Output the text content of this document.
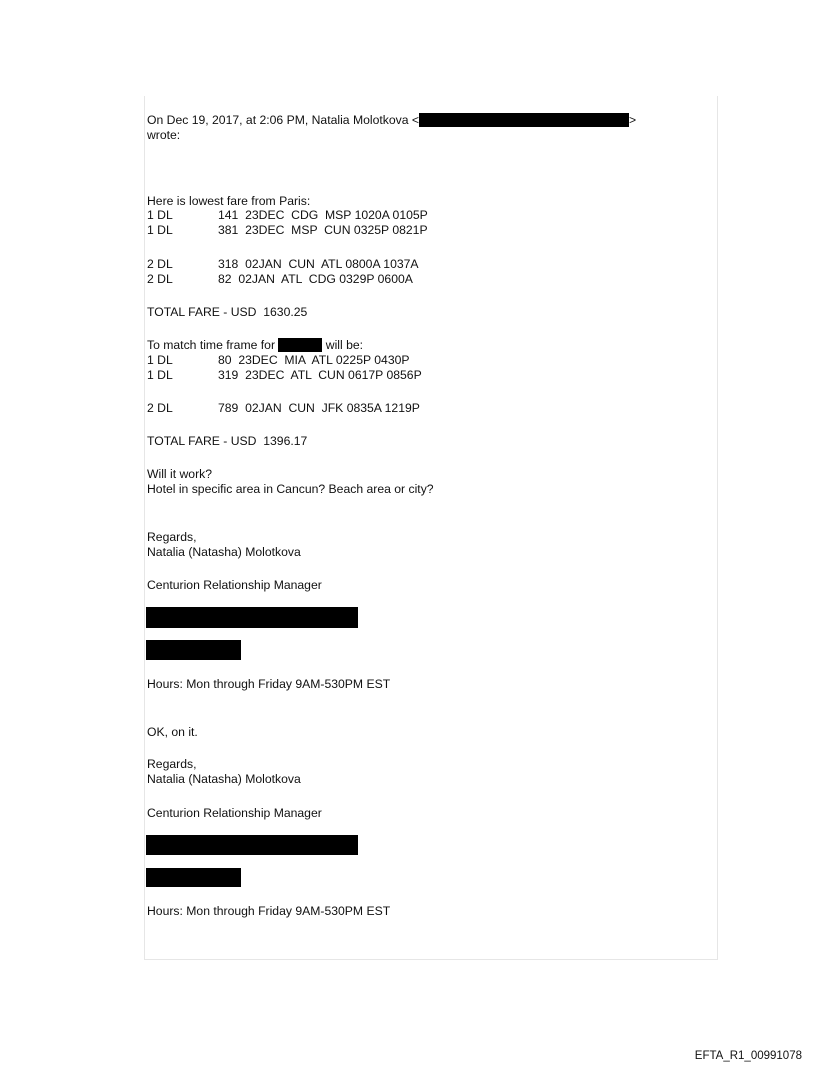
On Dec 19, 2017, at 2:06 PM, Natalia Molotkova <	>
wrote:
Here is lowest fare from Paris:
1 DL	141  23DEC  CDG  MSP 1020A 0105P
1 DL	381  23DEC  MSP  CUN 0325P 0821P
2 DL	318  02JAN  CUN  ATL 0800A 1037A
2 DL	82  02JAN  ATL  CDG 0329P 0600A
TOTAL FARE - USD  1630.25
To match time frame for	will be:
1 DL	80  23DEC  MIA  ATL 0225P 0430P
1 DL	319  23DEC  ATL  CUN 0617P 0856P
2 DL	789  02JAN  CUN  JFK 0835A 1219P
TOTAL FARE - USD  1396.17
Will it work?
Hotel in specific area in Cancun? Beach area or city?
Regards,
Natalia (Natasha) Molotkova
Centurion Relationship Manager
Hours: Mon through Friday 9AM-530PM EST
OK, on it.
Regards,
Natalia (Natasha) Molotkova
Centurion Relationship Manager
Hours: Mon through Friday 9AM-530PM EST
EFTA_R1_00991078
